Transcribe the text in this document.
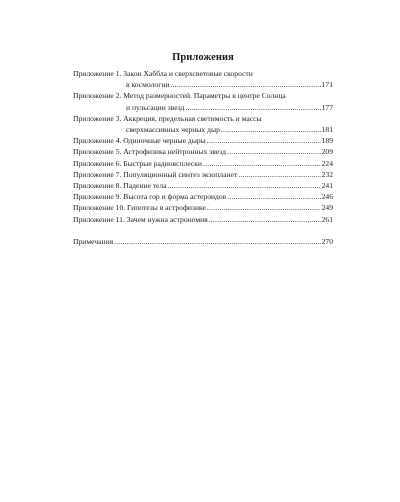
Приложения
Приложение 1. Закон Хаббла и сверхсветовые скорости
в космологии .....	171
Приложение 2. Метод размерностей. Параметры в центре Солнца
и пульсации звезд .....	177
Приложение 3. Аккреция, предельная светимость и массы
сверхмассивных черных дыр .....	181
Приложение 4. Одиночные черные дыры .....	189
Приложение 5. Астрофизика нейтронных звезд .....	209
Приложение 6. Быстрые радиовсплески .....	224
Приложение 7. Популяционный синтез экзопланет .....	232
Приложение 8. Падение тела .....	241
Приложение 9. Высота гор и форма астероидов .....	246
Приложение 10. Гипотезы в астрофизике .....	249
Приложение 11. Зачем нужна астрономия .....	261
Примечания .....	270
